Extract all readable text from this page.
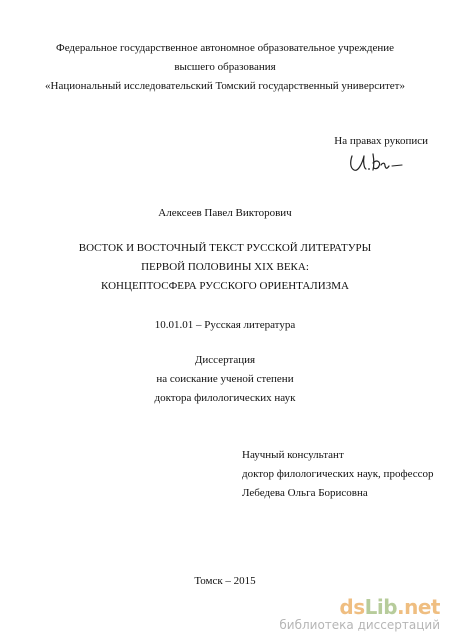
Федеральное государственное автономное образовательное учреждение
высшего образования
«Национальный исследовательский Томский государственный университет»
На правах рукописи
Алексеев Павел Викторович
ВОСТОК И ВОСТОЧНЫЙ ТЕКСТ РУССКОЙ ЛИТЕРАТУРЫ
ПЕРВОЙ ПОЛОВИНЫ XIX ВЕКА:
КОНЦЕПТОСФЕРА РУССКОГО ОРИЕНТАЛИЗМА
10.01.01 – Русская литература
Диссертация
на соискание ученой степени
доктора филологических наук
Научный консультант
доктор филологических наук, профессор
Лебедева Ольга Борисовна
Томск – 2015
dsLib.net
библиотека диссертаций
